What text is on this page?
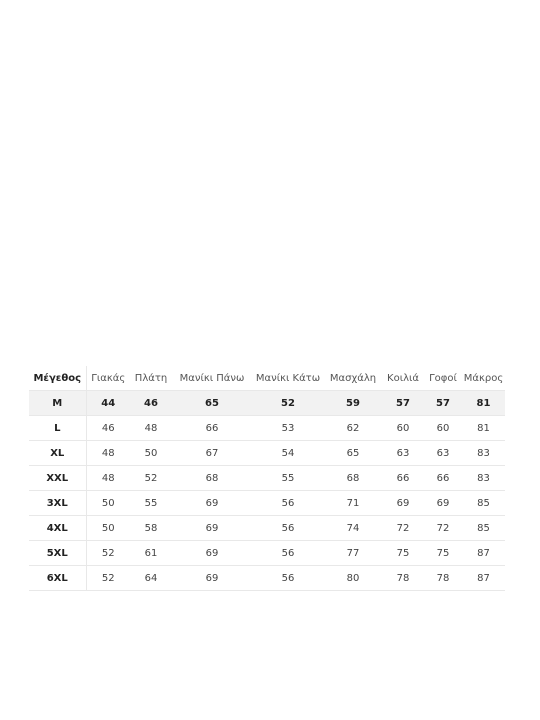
Μέγεθος	Γιακάς	Πλάτη	Μανίκι Πάνω	Μανίκι Κάτω	Μασχάλη	Κοιλιά	Γοφοί	Μάκρος
M	44	46	65	52	59	57	57	81
L	46	48	66	53	62	60	60	81
XL	48	50	67	54	65	63	63	83
XXL	48	52	68	55	68	66	66	83
3XL	50	55	69	56	71	69	69	85
4XL	50	58	69	56	74	72	72	85
5XL	52	61	69	56	77	75	75	87
6XL	52	64	69	56	80	78	78	87
